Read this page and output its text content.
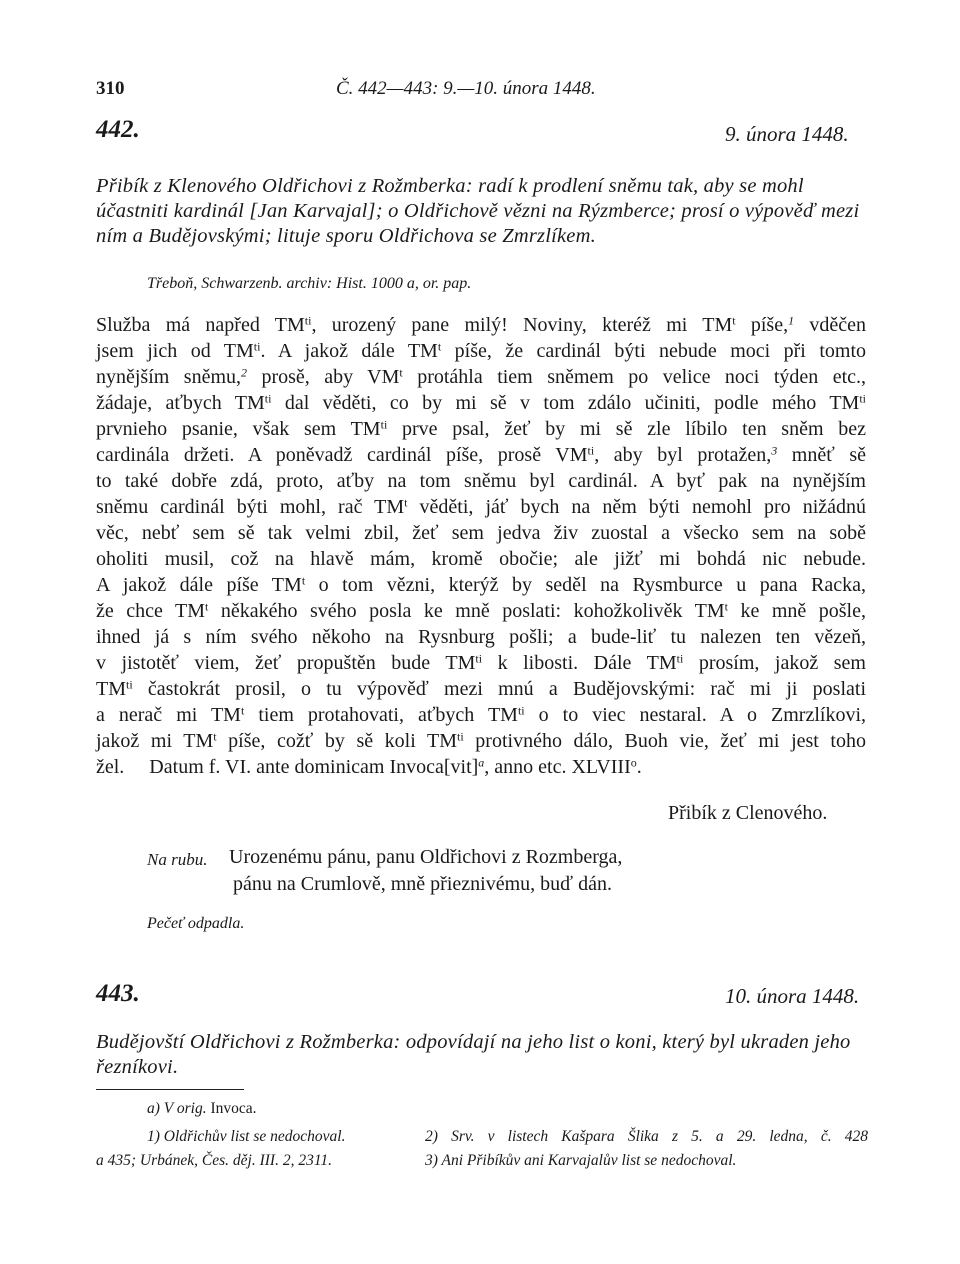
310	Č. 442—443: 9.—10. února 1448.
442.	9. února 1448.
Přibík z Klenového Oldřichovi z Rožmberka: radí k prodlení sněmu tak, aby se mohl účastniti kardinál [Jan Karvajal]; o Oldřichově vězni na Rýzmberce; prosí o výpověď mezi ním a Budějovskými; lituje sporu Oldřichova se Zmrzlíkem.
Třeboň, Schwarzenb. archiv: Hist. 1000 a, or. pap.
Služba má napřed $TM^{ti}$, urozený pane milý! Noviny, kteréž mi $TM^t$ píše,$^1$ vděčen
jsem jich od $TM^{ti}$. A jakož dále $TM^t$ píše, že cardinál býti nebude moci při tomto
nynějším sněmu,$^2$ prosě, aby $VM^t$ protáhla tiem sněmem po velice noci týden etc.,
žádaje, aťbych $TM^{ti}$ dal věděti, co by mi sě v tom zdálo učiniti, podle mého $TM^{ti}$
prvnieho psanie, však sem $TM^{ti}$ prve psal, žeť by mi sě zle líbilo ten sněm bez
cardinála držeti. A poněvadž cardinál píše, prosě $VM^{ti}$, aby byl protažen,$^3$ mněť sě
to také dobře zdá, proto, aťby na tom sněmu byl cardinál. A byť pak na nynějším
sněmu cardinál býti mohl, rač $TM^t$ věděti, jáť bych na něm býti nemohl pro nižádnú
věc, nebť sem sě tak velmi zbil, žeť sem jedva živ zuostal a všecko sem na sobě
oholiti musil, což na hlavě mám, kromě obočie; ale jižť mi bohdá nic nebude.
A jakož dále píše $TM^t$ o tom vězni, kterýž by seděl na Rysmburce u pana Racka,
že chce $TM^t$ někakého svého posla ke mně poslati: kohožkolivěk $TM^t$ ke mně pošle,
ihned já s ním svého někoho na Rysnburg pošli; a bude-liť tu nalezen ten vězeň,
v jistotěť viem, žeť propuštěn bude $TM^{ti}$ k libosti. Dále $TM^{ti}$ prosím, jakož sem
$TM^{ti}$ častokrát prosil, o tu výpověď mezi mnú a Budějovskými: rač mi ji poslati
a nerač mi $TM^t$ tiem protahovati, aťbych $TM^{ti}$ o to viec nestaral. A o Zmrzlíkovi,
jakož mi $TM^t$ píše, cožť by sě koli $TM^{ti}$ protivného dálo, Buoh vie, žeť mi jest toho
žel.     Datum f. VI. ante dominicam Invoca[vit]$^a$, anno etc. XLVIII$^o$.
Přibík z Clenového.
Na rubu. Urozenému pánu, panu Oldřichovi z Rozmberga,
pánu na Crumlově, mně přieznivému, buď dán.
Pečeť odpadla.
443.	10. února 1448.
Budějovští Oldřichovi z Rožmberka: odpovídají na jeho list o koni, který byl ukraden jeho řezníkovi.
a) V orig. Invoca.
1) Oldřichův list se nedochoval.
a 435; Urbánek, Čes. děj. III. 2, 2311.
2) Srv. v listech Kašpara Šlika z 5. a 29. ledna, č. 428
3) Ani Přibíkův ani Karvajalův list se nedochoval.
